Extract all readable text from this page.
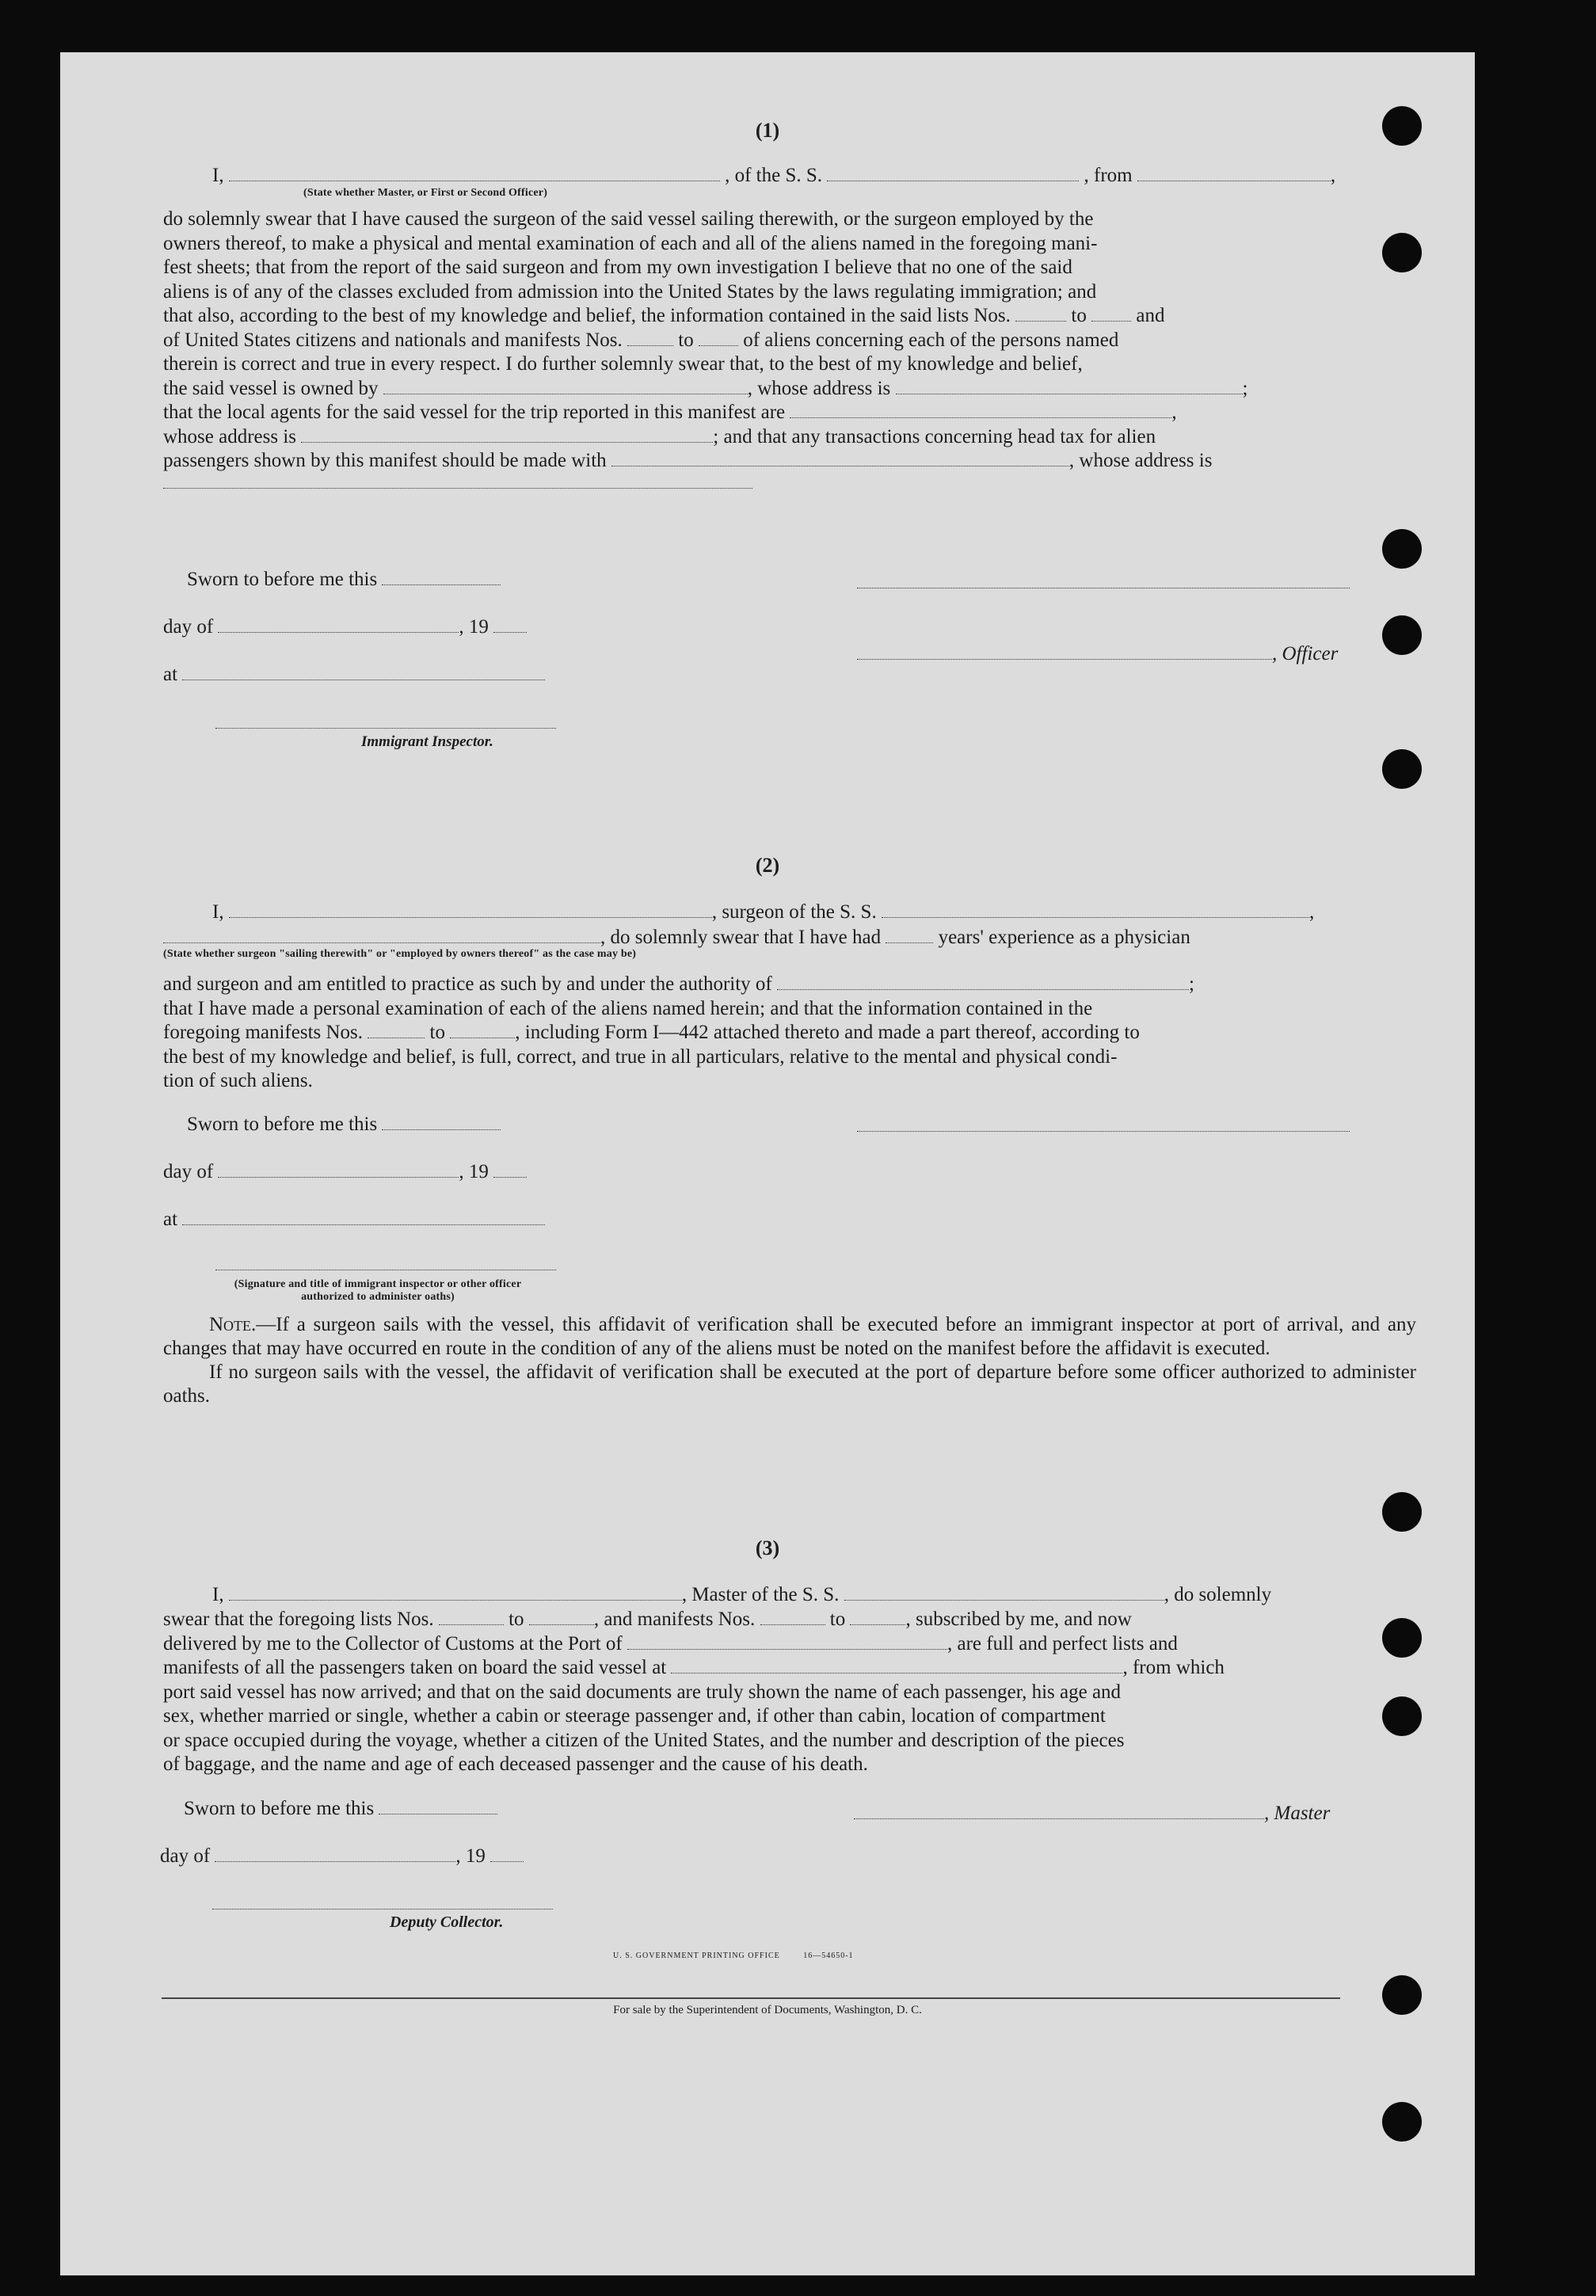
(1)
I,	, of the S. S.	, from	,
(State whether Master, or First or Second Officer)

do solemnly swear that I have caused the surgeon of the said vessel sailing therewith, or the surgeon employed by the

owners thereof, to make a physical and mental examination of each and all of the aliens named in the foregoing mani-

fest sheets; that from the report of the said surgeon and from my own investigation I believe that no one of the said

aliens is of any of the classes excluded from admission into the United States by the laws regulating immigration; and

that also, according to the best of my knowledge and belief, the information contained in the said lists Nos.	to	and

of United States citizens and nationals and manifests Nos.	to	of aliens concerning each of the persons named

therein is correct and true in every respect. I do further solemnly swear that, to the best of my knowledge and belief,

the said vessel is owned by	, whose address is	;

that the local agents for the said vessel for the trip reported in this manifest are	,

whose address is	; and that any transactions concerning head tax for alien

passengers shown by this manifest should be made with	, whose address is

Sworn to before me this
day of	, 19
, Officer
at
Immigrant Inspector.
(2)
I,	, surgeon of the S. S.	,
, do solemnly swear that I have had	years' experience as a physician
(State whether surgeon "sailing therewith" or "employed by owners thereof" as the case may be)

and surgeon and am entitled to practice as such by and under the authority of	;

that I have made a personal examination of each of the aliens named herein; and that the information contained in the

foregoing manifests Nos.	to	, including Form I—442 attached thereto and made a part thereof, according to

the best of my knowledge and belief, is full, correct, and true in all particulars, relative to the mental and physical condi-

tion of such aliens.

Sworn to before me this
day of	, 19
at
(Signature and title of immigrant inspector or other officer authorized to administer oaths)

Note.—If a surgeon sails with the vessel, this affidavit of verification shall be executed before an immigrant inspector at port of arrival, and any changes that may have occurred en route in the condition of any of the aliens must be noted on the manifest before the affidavit is executed.

If no surgeon sails with the vessel, the affidavit of verification shall be executed at the port of departure before some officer authorized to administer oaths.

(3)
I,	, Master of the S. S.	, do solemnly

swear that the foregoing lists Nos.	to	, and manifests Nos.	to	, subscribed by me, and now

delivered by me to the Collector of Customs at the Port of	, are full and perfect lists and

manifests of all the passengers taken on board the said vessel at	, from which

port said vessel has now arrived; and that on the said documents are truly shown the name of each passenger, his age and

sex, whether married or single, whether a cabin or steerage passenger and, if other than cabin, location of compartment

or space occupied during the voyage, whether a citizen of the United States, and the number and description of the pieces

of baggage, and the name and age of each deceased passenger and the cause of his death.

Sworn to before me this	, Master
day of	, 19
Deputy Collector.
U. S. GOVERNMENT PRINTING OFFICE	16—54650-1
For sale by the Superintendent of Documents, Washington, D. C.
